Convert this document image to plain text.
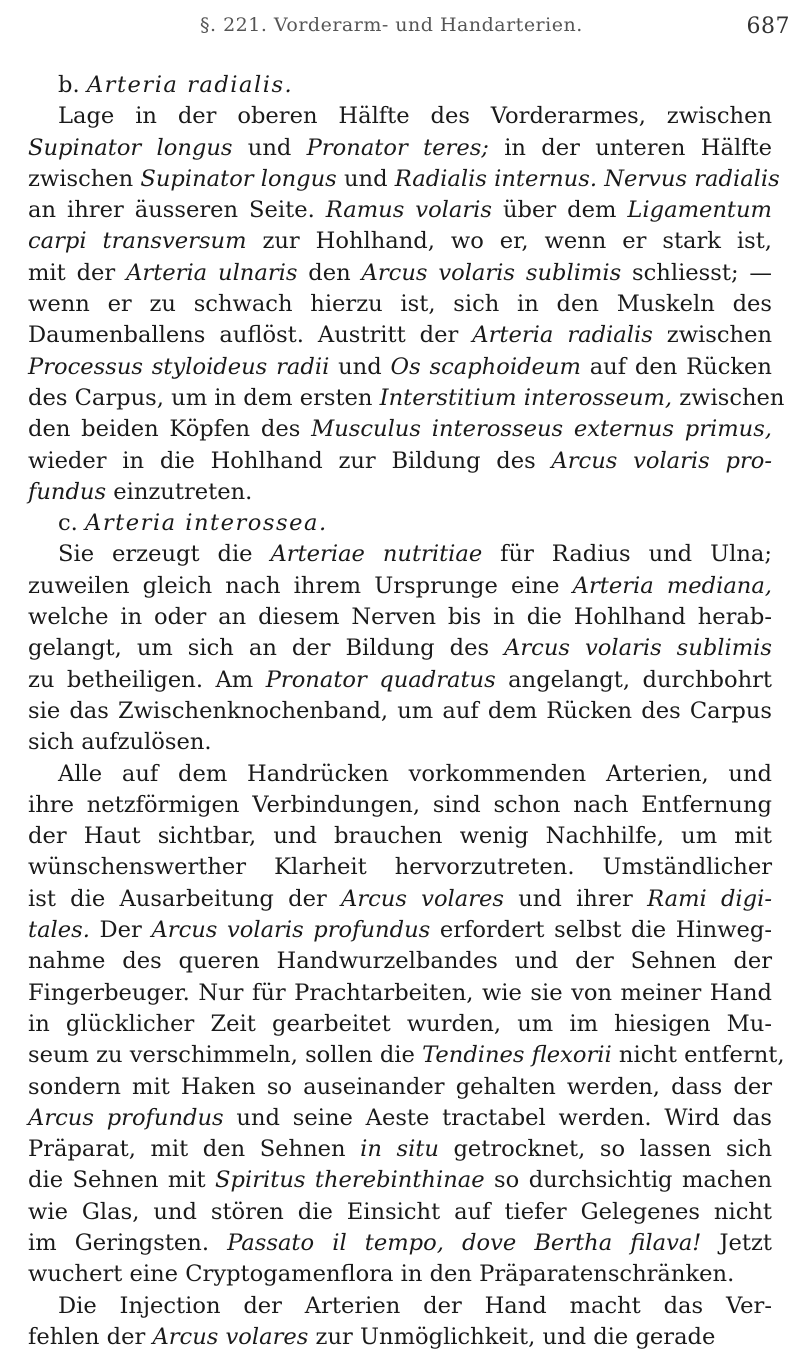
§. 221. Vorderarm- und Handarterien.	687
b. Arteria radialis.
Lage in der oberen Hälfte des Vorderarmes, zwischen
Supinator longus und Pronator teres; in der unteren Hälfte
zwischen Supinator longus und Radialis internus. Nervus radialis
an ihrer äusseren Seite. Ramus volaris über dem Ligamentum
carpi transversum zur Hohlhand, wo er, wenn er stark ist,
mit der Arteria ulnaris den Arcus volaris sublimis schliesst; —
wenn er zu schwach hierzu ist, sich in den Muskeln des
Daumenballens auflöst. Austritt der Arteria radialis zwischen
Processus styloideus radii und Os scaphoideum auf den Rücken
des Carpus, um in dem ersten Interstitium interosseum, zwischen
den beiden Köpfen des Musculus interosseus externus primus,
wieder in die Hohlhand zur Bildung des Arcus volaris pro-
fundus einzutreten.
c. Arteria interossea.
Sie erzeugt die Arteriae nutritiae für Radius und Ulna;
zuweilen gleich nach ihrem Ursprunge eine Arteria mediana,
welche in oder an diesem Nerven bis in die Hohlhand herab-
gelangt, um sich an der Bildung des Arcus volaris sublimis
zu betheiligen. Am Pronator quadratus angelangt, durchbohrt
sie das Zwischenknochenband, um auf dem Rücken des Carpus
sich aufzulösen.
Alle auf dem Handrücken vorkommenden Arterien, und
ihre netzförmigen Verbindungen, sind schon nach Entfernung
der Haut sichtbar, und brauchen wenig Nachhilfe, um mit
wünschenswerther Klarheit hervorzutreten. Umständlicher
ist die Ausarbeitung der Arcus volares und ihrer Rami digi-
tales. Der Arcus volaris profundus erfordert selbst die Hinweg-
nahme des queren Handwurzelbandes und der Sehnen der
Fingerbeuger. Nur für Prachtarbeiten, wie sie von meiner Hand
in glücklicher Zeit gearbeitet wurden, um im hiesigen Mu-
seum zu verschimmeln, sollen die Tendines flexorii nicht entfernt,
sondern mit Haken so auseinander gehalten werden, dass der
Arcus profundus und seine Aeste tractabel werden. Wird das
Präparat, mit den Sehnen in situ getrocknet, so lassen sich
die Sehnen mit Spiritus therebinthinae so durchsichtig machen
wie Glas, und stören die Einsicht auf tiefer Gelegenes nicht
im Geringsten. Passato il tempo, dove Bertha filava! Jetzt
wuchert eine Cryptogamenflora in den Präparatenschränken.
Die Injection der Arterien der Hand macht das Ver-
fehlen der Arcus volares zur Unmöglichkeit, und die gerade
